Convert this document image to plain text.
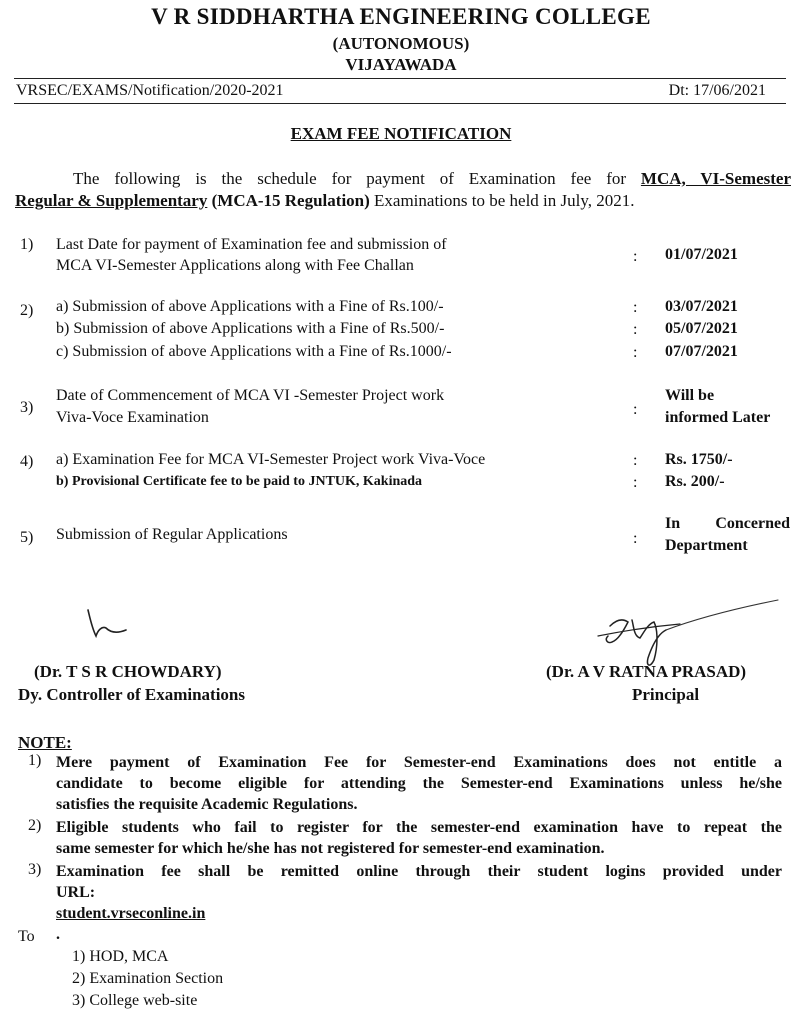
V R SIDDHARTHA ENGINEERING COLLEGE
(AUTONOMOUS)
VIJAYAWADA
VRSEC/EXAMS/Notification/2020-2021	Dt: 17/06/2021
EXAM FEE NOTIFICATION

The following is the schedule for payment of Examination fee for MCA, VI-Semester

Regular & Supplementary (MCA-15 Regulation) Examinations to be held in July, 2021.

1) Last Date for payment of Examination fee and submission of
MCA VI-Semester Applications along with Fee Challan
: 01/07/2021
2) a) Submission of above Applications with a Fine of Rs.100/-	: 03/07/2021
b) Submission of above Applications with a Fine of Rs.500/-	: 05/07/2021
c) Submission of above Applications with a Fine of Rs.1000/-	: 07/07/2021
3)
Date of Commencement of MCA VI -Semester Project work
Viva-Voce Examination	:
Will be
informed Later
4) a) Examination Fee for MCA VI-Semester Project work Viva-Voce	: Rs. 1750/-
b) Provisional Certificate fee to be paid to JNTUK, Kakinada	: Rs. 200/-
5) Submission of Regular Applications	:
In Concerned
Department
(Dr. T S R CHOWDARY)
Dy. Controller of Examinations
(Dr. A V RATNA PRASAD)
Principal
NOTE:
1) Mere payment of Examination Fee for Semester-end Examinations does not entitle a
candidate to become eligible for attending the Semester-end Examinations unless he/she
satisfies the requisite Academic Regulations.
2) Eligible students who fail to register for the semester-end examination have to repeat the
same semester for which he/she has not registered for semester-end examination.
3) Examination fee shall be remitted online through their student logins provided under
URL:
student.vrseconline.in
.
To
1) HOD, MCA
2) Examination Section
3) College web-site
